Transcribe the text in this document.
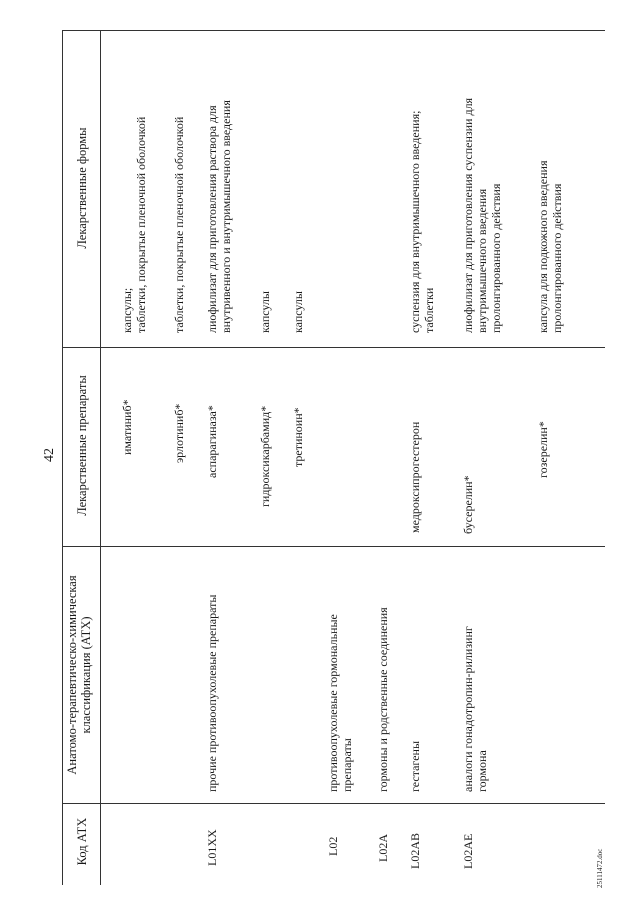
42
Код АТХ
Анатомо-терапевтическо-химическая классификация (АТХ)
Лекарственные препараты
Лекарственные формы
иматиниб*
капсулы; таблетки, покрытые пленочной оболочкой
эрлотиниб*
таблетки, покрытые пленочной оболочкой
L01XX
прочие противоопухолевые препараты
аспарагиназа*
лиофилизат для приготовления раствора для внутривенного и внутримышечного введения
гидроксикарбамид*
капсулы
третиноин*
капсулы
L02
противоопухолевые гормональные препараты
L02A
гормоны и родственные соединения
L02AB
гестагены
медроксипрогестерон
суспензия для внутримышечного введения; таблетки
L02AE
аналоги гонадотропин-рилизинг гормона
бусерелин*
лиофилизат для приготовления суспензии для внутримышечного введения пролонгированного действия
гозерелин*
капсула для подкожного введения пролонгированного действия
25111472.doc
